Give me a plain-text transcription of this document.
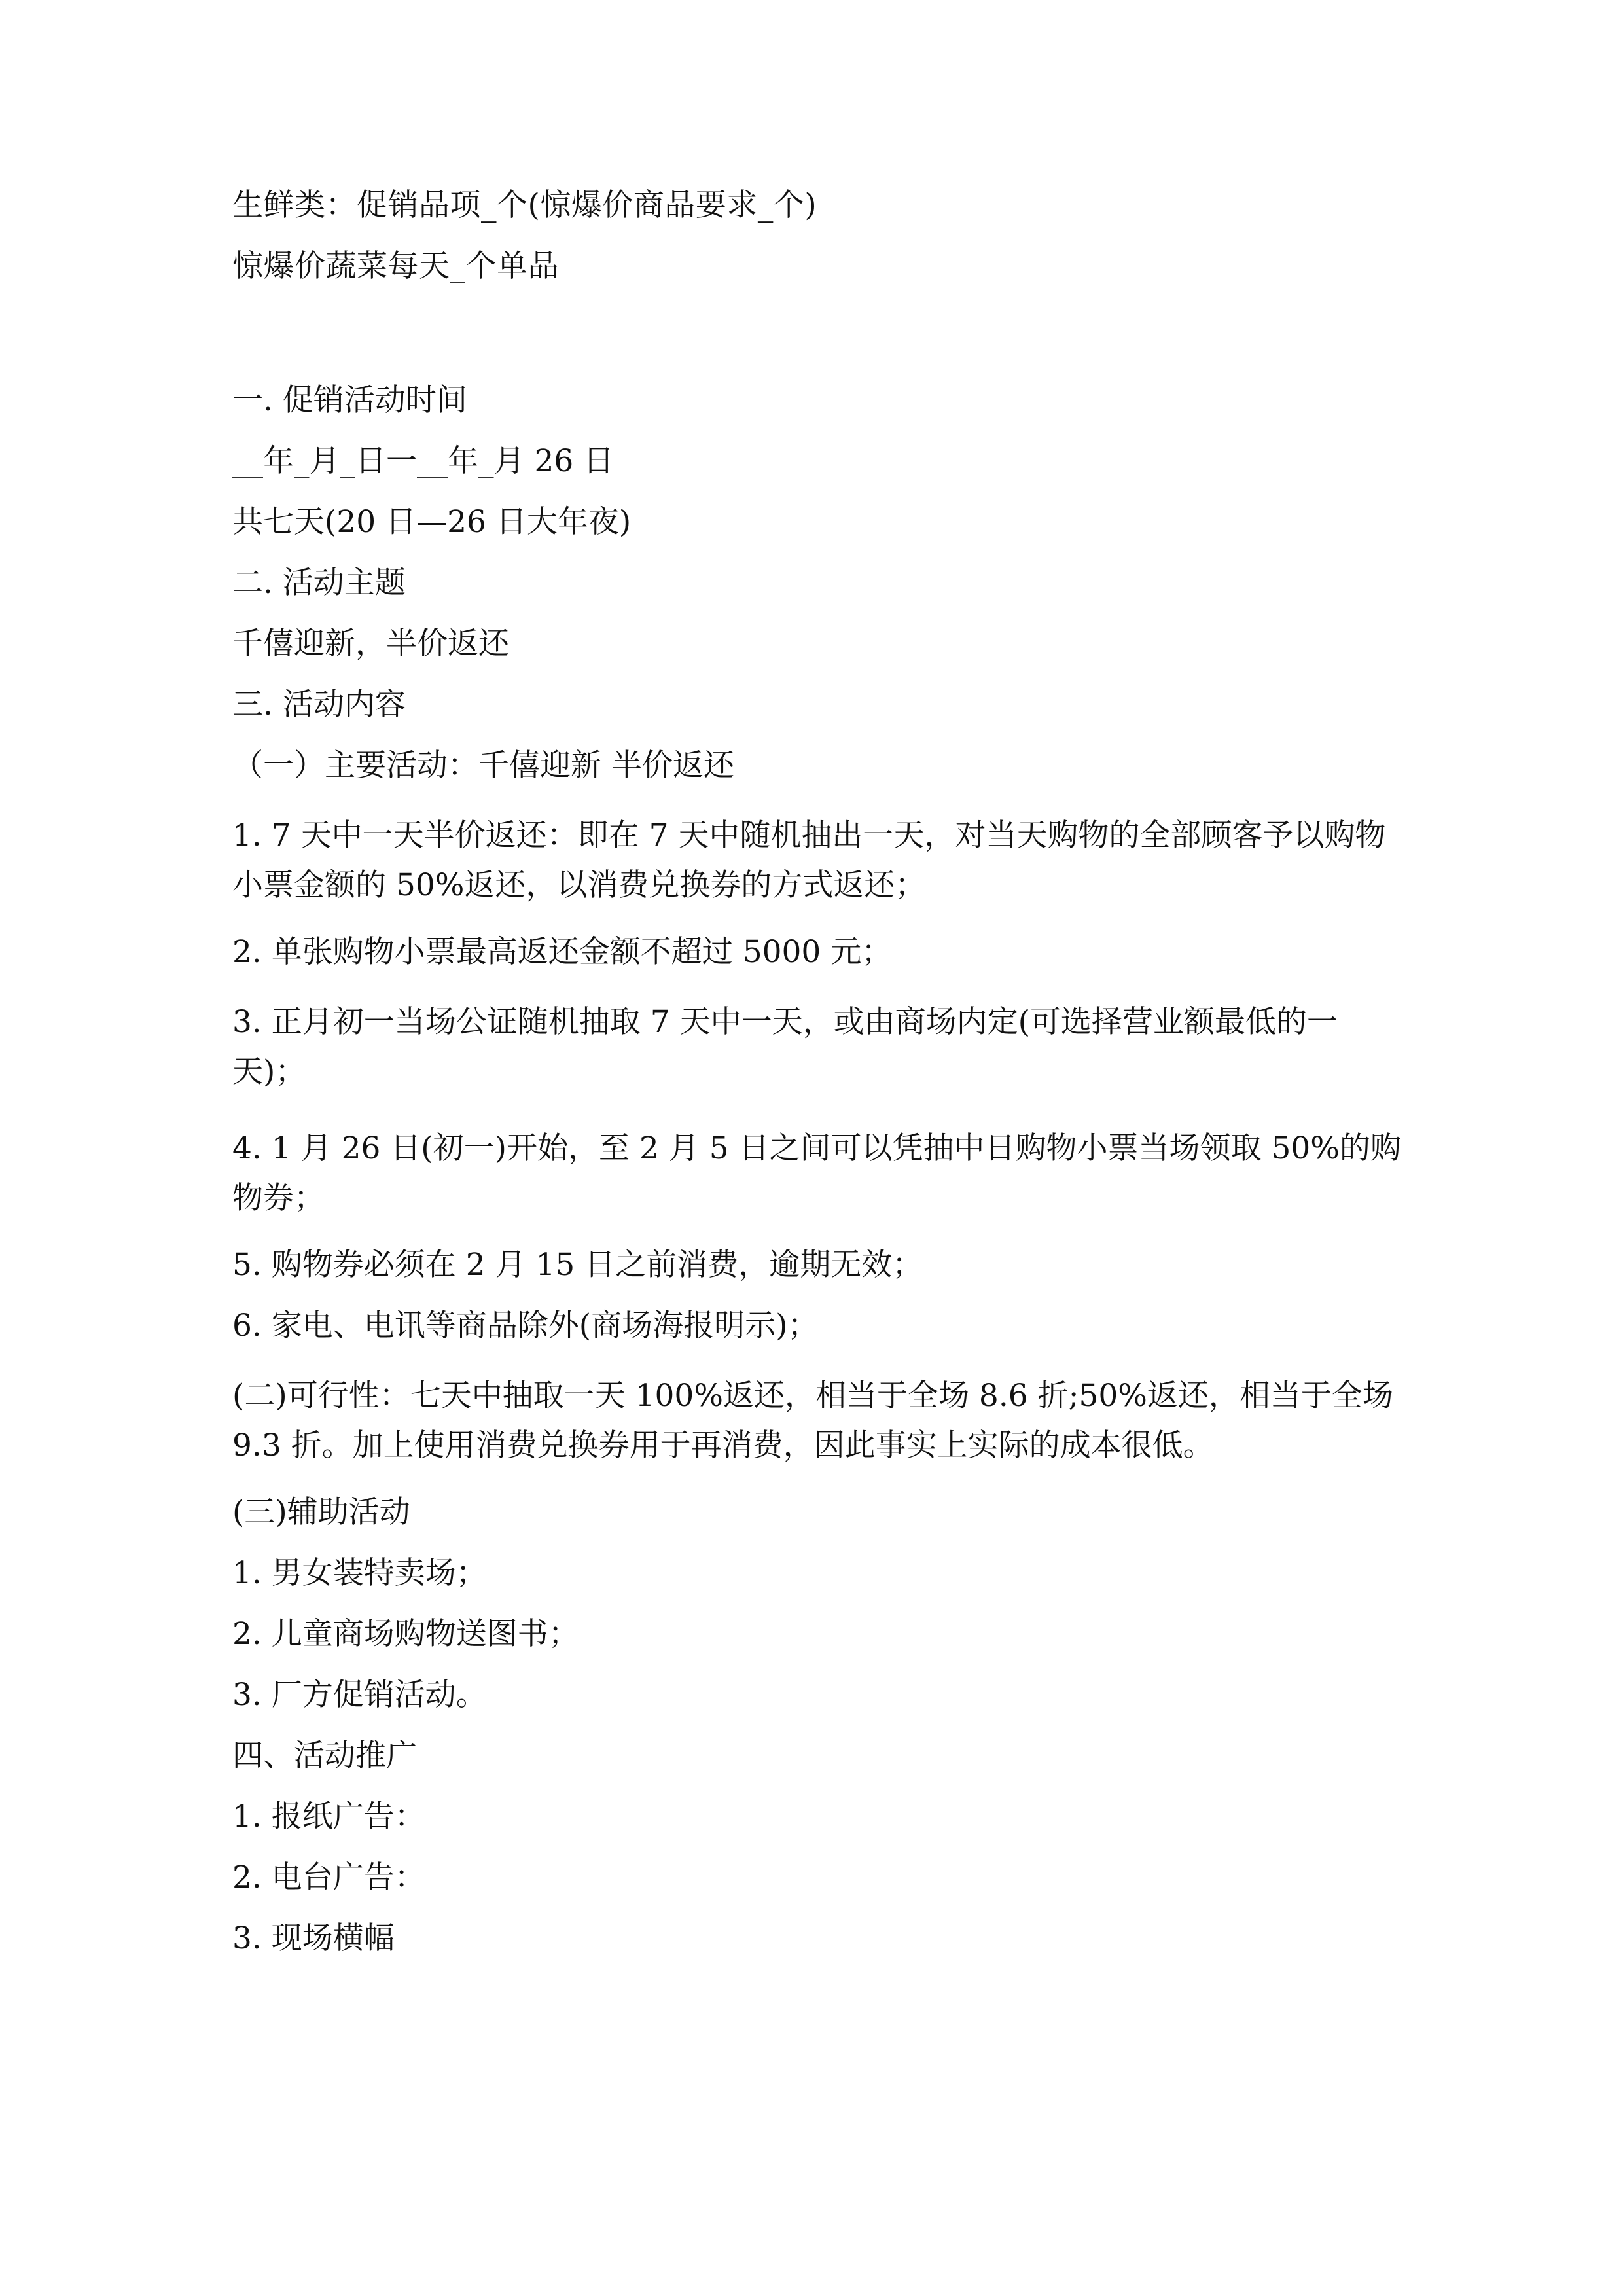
生鲜类：促销品项_个(惊爆价商品要求_个)

惊爆价蔬菜每天_个单品

一. 促销活动时间

__年_月_日一__年_月 26 日

共七天(20 日—26 日大年夜)

二. 活动主题

千僖迎新，半价返还

三. 活动内容

（一）主要活动：千僖迎新 半价返还

1. 7 天中一天半价返还：即在 7 天中随机抽出一天，对当天购物的全部顾客予以购物小票金额的 50%返还，以消费兑换券的方式返还；

2. 单张购物小票最高返还金额不超过 5000 元；

3. 正月初一当场公证随机抽取 7 天中一天，或由商场内定(可选择营业额最低的一天)；

4. 1 月 26 日(初一)开始，至 2 月 5 日之间可以凭抽中日购物小票当场领取 50%的购物券；

5. 购物券必须在 2 月 15 日之前消费，逾期无效；

6. 家电、电讯等商品除外(商场海报明示)；

(二)可行性：七天中抽取一天 100%返还，相当于全场 8.6 折;50%返还，相当于全场 9.3 折。加上使用消费兑换券用于再消费，因此事实上实际的成本很低。

(三)辅助活动

1. 男女装特卖场；

2. 儿童商场购物送图书；

3. 厂方促销活动。

四、活动推广

1. 报纸广告：

2. 电台广告：

3. 现场横幅
